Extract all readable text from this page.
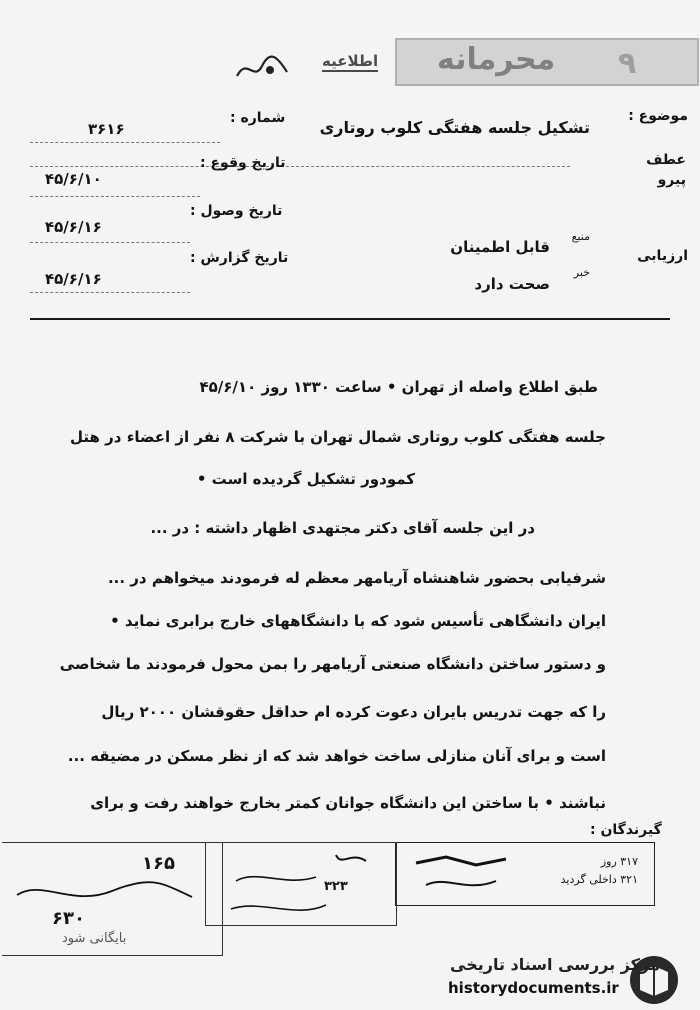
محرمانه
اطلاعیه
موضوع :
تشکیل جلسه هفتگی کلوب روتاری
عطف
پیرو
ارزیابی
منبع
قابل اطمینان
خبر
صحت دارد
شماره :
۳۶۱۶
تاریخ وقوع :
۴۵/۶/۱۰
تاریخ وصول :
۴۵/۶/۱۶
تاریخ گزارش :
۴۵/۶/۱۶
طبق اطلاع واصله از تهران • ساعت ۱۳۳۰ روز ۴۵/۶/۱۰
جلسه هفتگی کلوب روتاری شمال تهران با شرکت ۸ نفر از اعضاء در هتل
کمودور تشکیل گردیده است •
در این جلسه آقای دکتر مجتهدی اظهار داشته : در ...
شرفیابی بحضور شاهنشاه آریامهر معظم له فرمودند میخواهم در ...
ایران دانشگاهی تأسیس شود که با دانشگاههای خارج برابری نماید •
و دستور ساختن دانشگاه صنعتی آریامهر را بمن محول فرمودند ما شخاصی
را که جهت تدریس بایران دعوت کرده ام حداقل حقوقشان ۲۰۰۰ ریال
است و برای آنان منازلی ساخت خواهد شد که از نظر مسکن در مضیقه ...
نباشند • با ساختن این دانشگاه جوانان کمتر بخارج خواهند رفت و برای
گیرندگان :
۳۱۷ روز
۳۲۱ داخلی گردید
۳۲۳
۱۶۵
۶۳۰
بایگانی شود
مرکز بررسی اسناد تاریخی
historydocuments.ir
